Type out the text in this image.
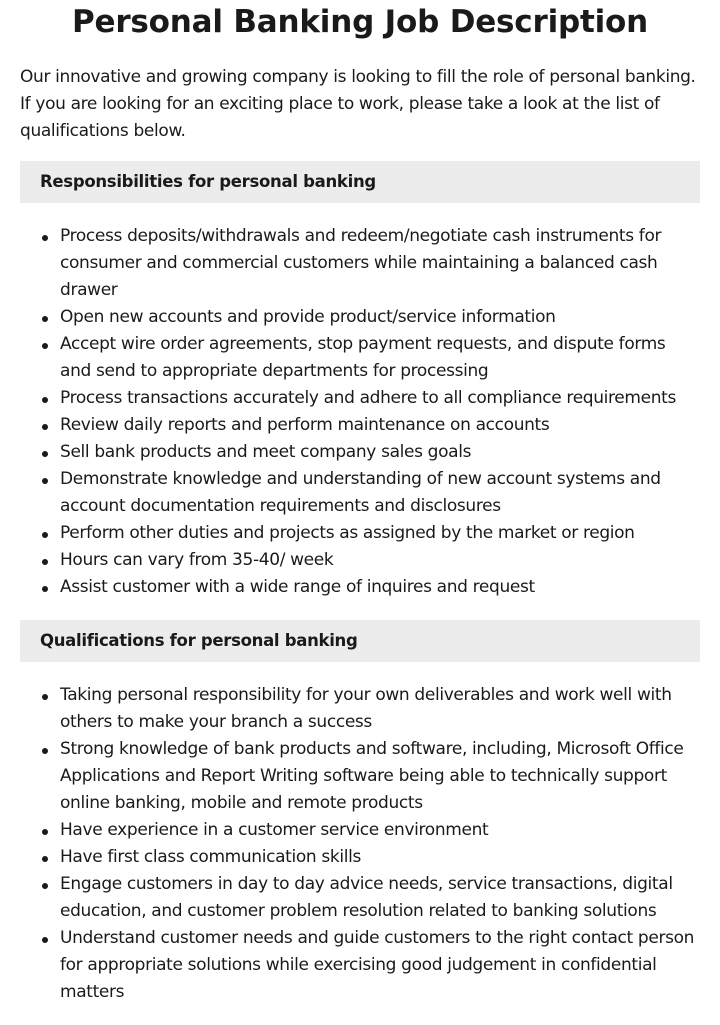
Personal Banking Job Description

Our innovative and growing company is looking to fill the role of personal banking. If you are looking for an exciting place to work, please take a look at the list of qualifications below.

Responsibilities for personal banking
Process deposits/withdrawals and redeem/negotiate cash instruments for consumer and commercial customers while maintaining a balanced cash drawer
Open new accounts and provide product/service information
Accept wire order agreements, stop payment requests, and dispute forms and send to appropriate departments for processing
Process transactions accurately and adhere to all compliance requirements
Review daily reports and perform maintenance on accounts
Sell bank products and meet company sales goals
Demonstrate knowledge and understanding of new account systems and account documentation requirements and disclosures
Perform other duties and projects as assigned by the market or region
Hours can vary from 35-40/ week
Assist customer with a wide range of inquires and request
Qualifications for personal banking
Taking personal responsibility for your own deliverables and work well with others to make your branch a success
Strong knowledge of bank products and software, including, Microsoft Office Applications and Report Writing software being able to technically support online banking, mobile and remote products
Have experience in a customer service environment
Have first class communication skills
Engage customers in day to day advice needs, service transactions, digital education, and customer problem resolution related to banking solutions
Understand customer needs and guide customers to the right contact person for appropriate solutions while exercising good judgement in confidential matters
